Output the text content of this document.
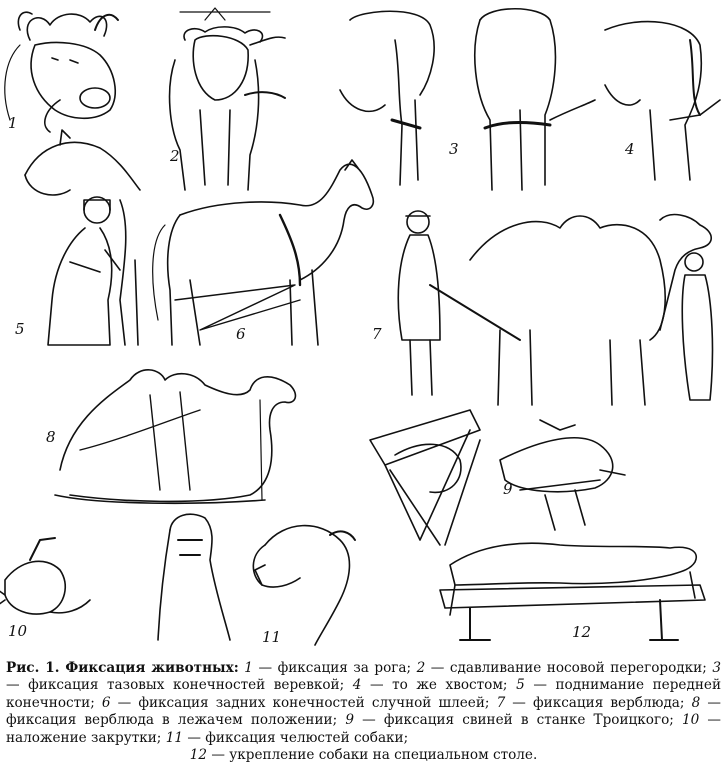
1
2	3	4
5	6	7
8
9
10	11	12
Рис. 1. Фиксация животных: 1 — фиксация за рога; 2 — сдавливание носовой перегородки; 3 — фиксация тазовых конечностей веревкой; 4 — то же хвостом; 5 — поднимание передней конечности; 6 — фиксация задних конечностей случной шлеей; 7 — фиксация верблюда; 8 — фиксация верблюда в лежачем положении; 9 — фиксация свиней в станке Троицкого; 10 — наложение закрутки; 11 — фиксация челюстей собаки;
12 — укрепление собаки на специальном столе.
